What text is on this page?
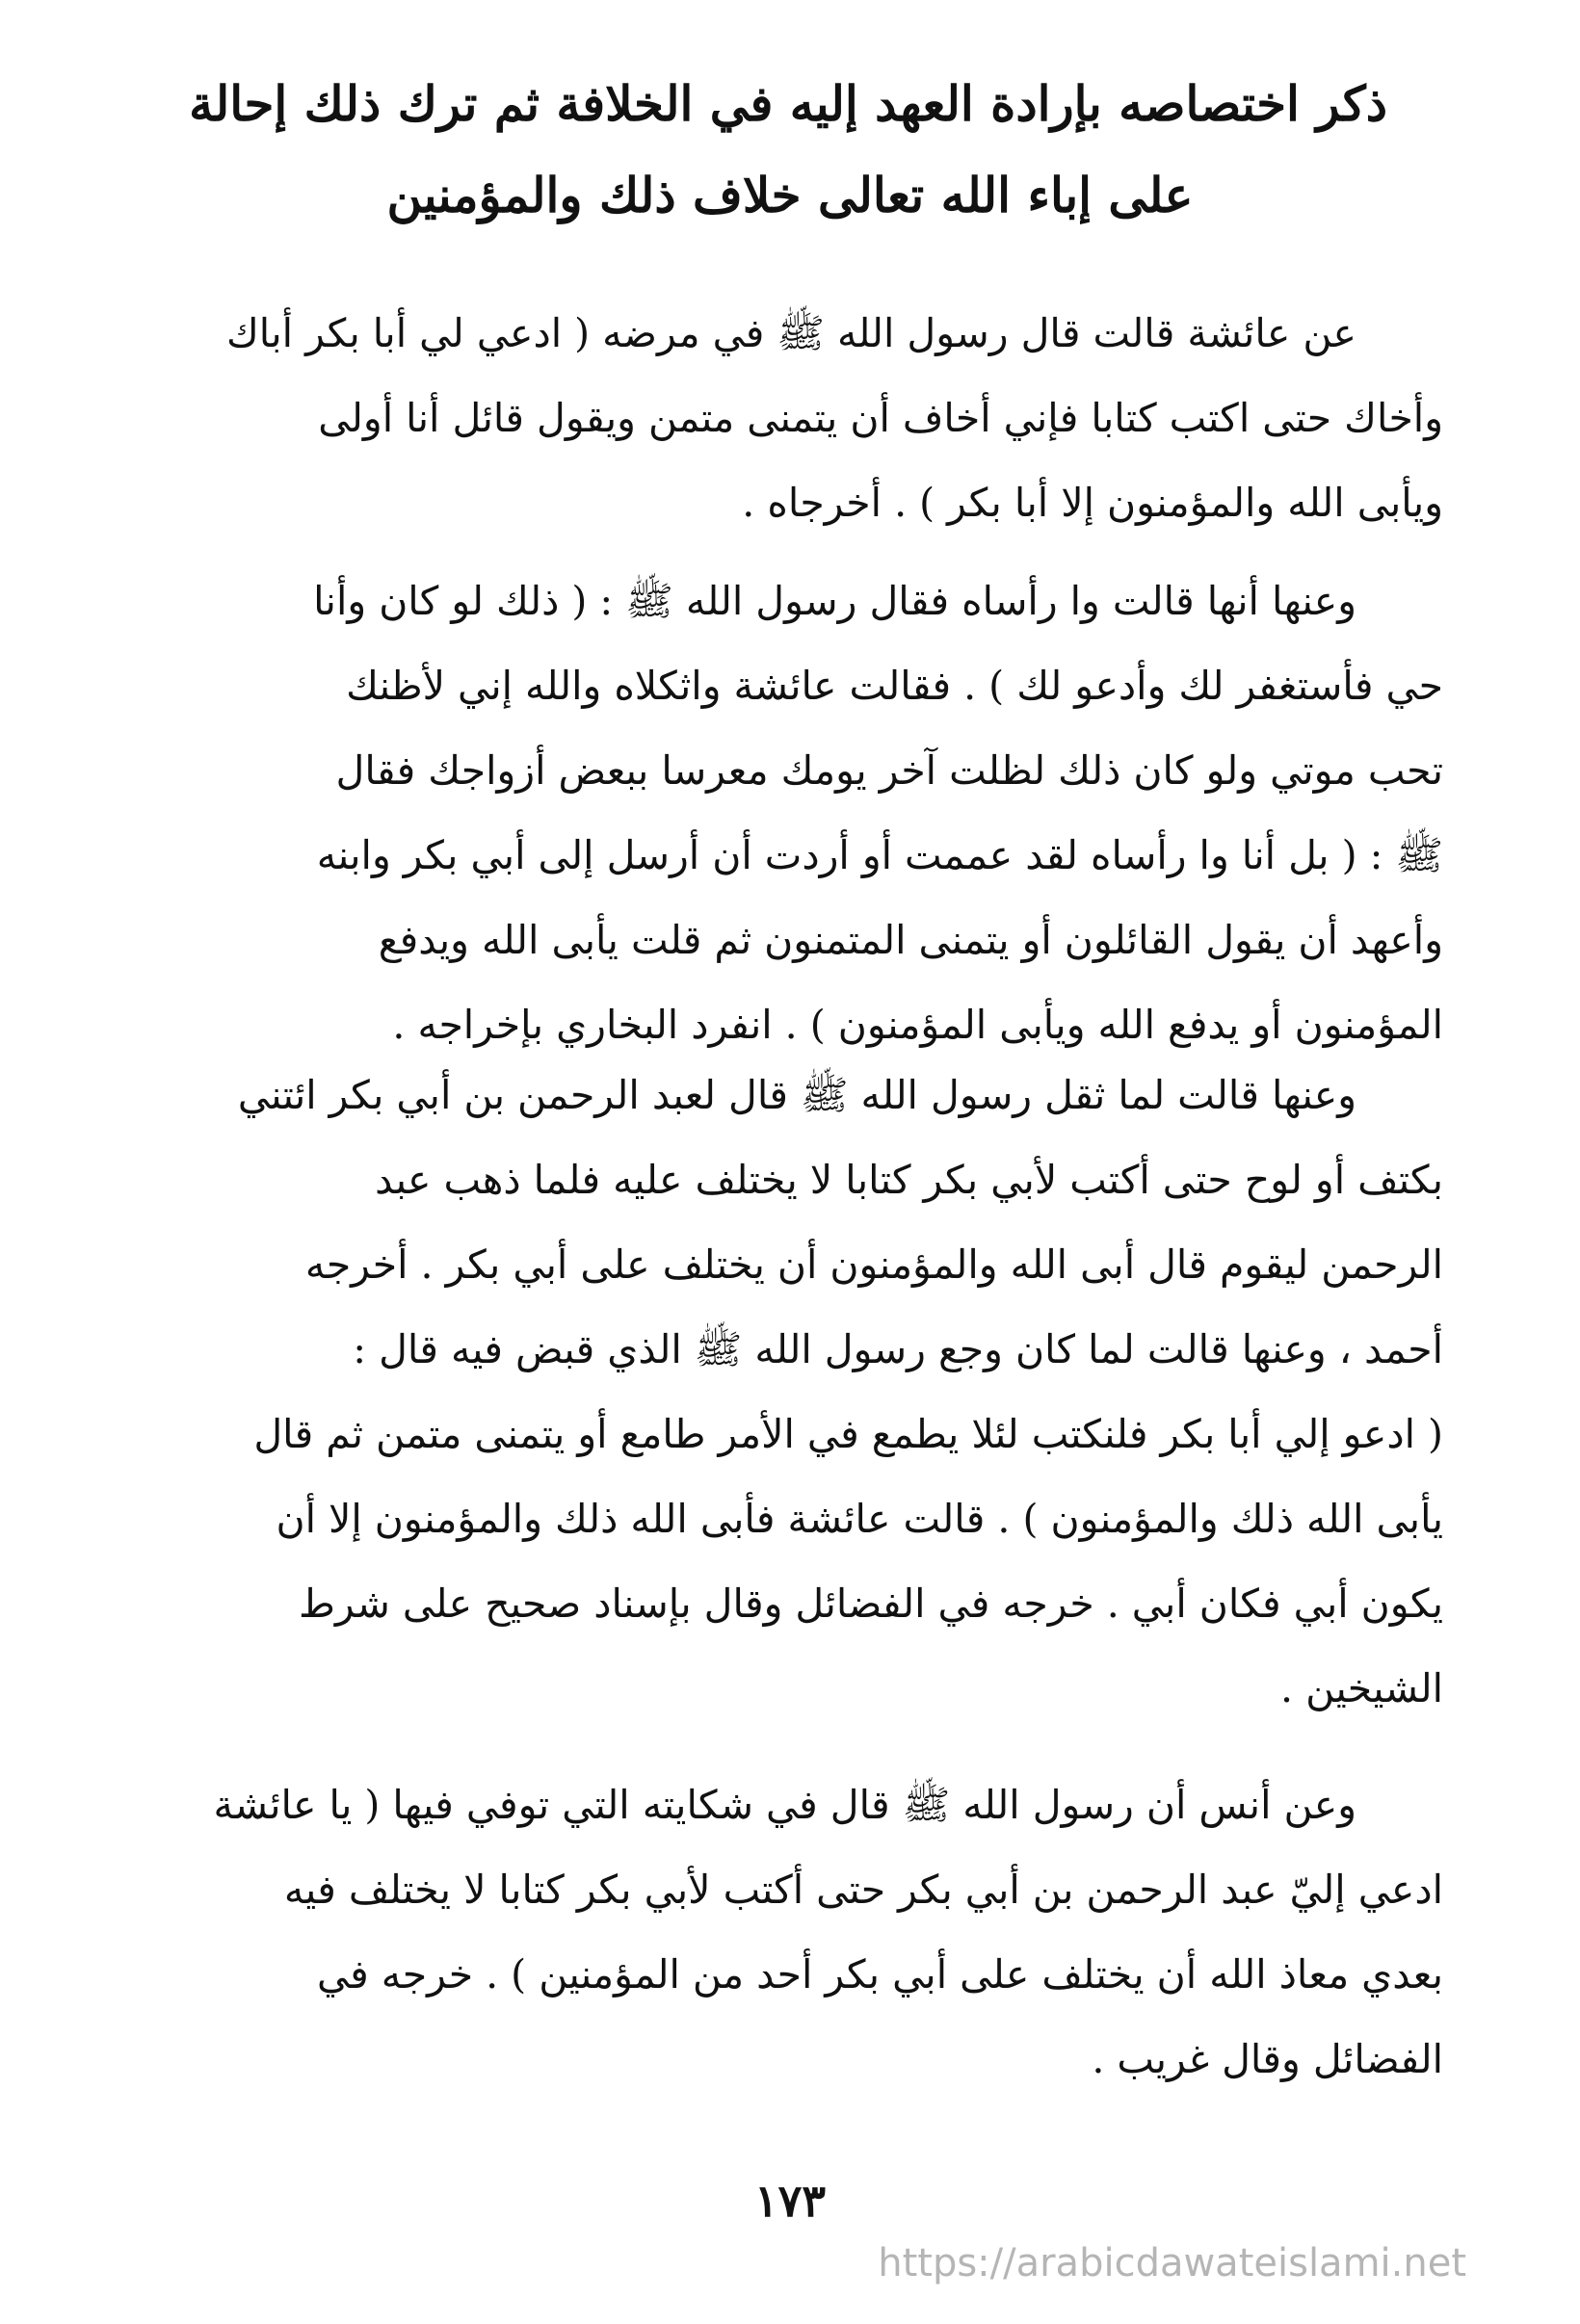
ذكر اختصاصه بإرادة العهد إليه في الخلافة ثم ترك ذلك إحالة
على إباء الله تعالى خلاف ذلك والمؤمنين
عن عائشة قالت قال رسول الله ﷺ في مرضه ( ادعي لي أبا بكر أباك
وأخاك حتى اكتب كتابا فإني أخاف أن يتمنى متمن ويقول قائل أنا أولى
ويأبى الله والمؤمنون إلا أبا بكر ) . أخرجاه .
وعنها أنها قالت وا رأساه فقال رسول الله ﷺ : ( ذلك لو كان وأنا
حي فأستغفر لك وأدعو لك ) . فقالت عائشة واثكلاه والله إني لأظنك
تحب موتي ولو كان ذلك لظلت آخر يومك معرسا ببعض أزواجك فقال
ﷺ : ( بل أنا وا رأساه لقد عممت أو أردت أن أرسل إلى أبي بكر وابنه
وأعهد أن يقول القائلون أو يتمنى المتمنون ثم قلت يأبى الله ويدفع
المؤمنون أو يدفع الله ويأبى المؤمنون ) . انفرد البخاري بإخراجه .
وعنها قالت لما ثقل رسول الله ﷺ قال لعبد الرحمن بن أبي بكر ائتني
بكتف أو لوح حتى أكتب لأبي بكر كتابا لا يختلف عليه فلما ذهب عبد
الرحمن ليقوم قال أبى الله والمؤمنون أن يختلف على أبي بكر . أخرجه
أحمد ، وعنها قالت لما كان وجع رسول الله ﷺ الذي قبض فيه قال :
( ادعو إلي أبا بكر فلنكتب لئلا يطمع في الأمر طامع أو يتمنى متمن ثم قال
يأبى الله ذلك والمؤمنون ) . قالت عائشة فأبى الله ذلك والمؤمنون إلا أن
يكون أبي فكان أبي . خرجه في الفضائل وقال بإسناد صحيح على شرط
الشيخين .
وعن أنس أن رسول الله ﷺ قال في شكايته التي توفي فيها ( يا عائشة
ادعي إليّ عبد الرحمن بن أبي بكر حتى أكتب لأبي بكر كتابا لا يختلف فيه
بعدي معاذ الله أن يختلف على أبي بكر أحد من المؤمنين ) . خرجه في
الفضائل وقال غريب .
١٧٣
https://arabicdawateislami.net
